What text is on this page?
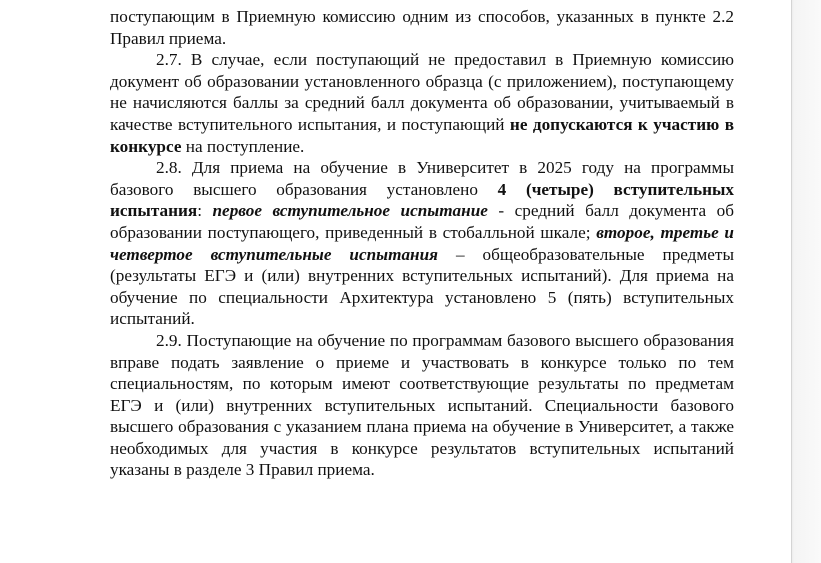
поступающим в Приемную комиссию одним из способов, указанных в пункте 2.2 Правил приема.

2.7. В случае, если поступающий не предоставил в Приемную комиссию документ об образовании установленного образца (с приложением), поступающему не начисляются баллы за средний балл документа об образовании, учитываемый в качестве вступительного испытания, и поступающий не допускаются к участию в конкурсе на поступление.

2.8. Для приема на обучение в Университет в 2025 году на программы базового высшего образования установлено 4 (четыре) вступительных испытания: первое вступительное испытание - средний балл документа об образовании поступающего, приведенный в стобалльной шкале; второе, третье и четвертое вступительные испытания – общеобразовательные предметы (результаты ЕГЭ и (или) внутренних вступительных испытаний). Для приема на обучение по специальности Архитектура установлено 5 (пять) вступительных испытаний.

2.9. Поступающие на обучение по программам базового высшего образования вправе подать заявление о приеме и участвовать в конкурсе только по тем специальностям, по которым имеют соответствующие результаты по предметам ЕГЭ и (или) внутренних вступительных испытаний. Специальности базового высшего образования с указанием плана приема на обучение в Университет, а также необходимых для участия в конкурсе результатов вступительных испытаний указаны в разделе 3 Правил приема.
